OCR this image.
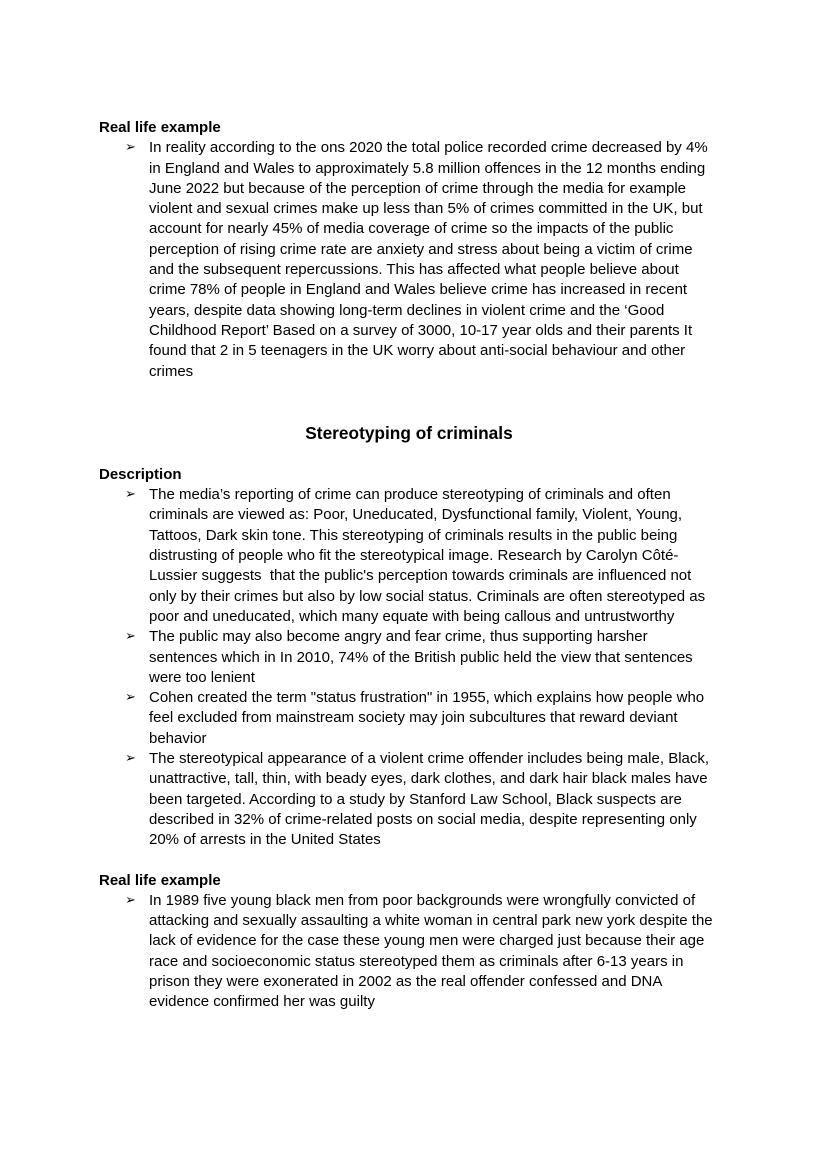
Real life example
➢ In reality according to the ons 2020 the total police recorded crime decreased by 4% in England and Wales to approximately 5.8 million offences in the 12 months ending June 2022 but because of the perception of crime through the media for example violent and sexual crimes make up less than 5% of crimes committed in the UK, but account for nearly 45% of media coverage of crime so the impacts of the public perception of rising crime rate are anxiety and stress about being a victim of crime and the subsequent repercussions. This has affected what people believe about crime 78% of people in England and Wales believe crime has increased in recent years, despite data showing long-term declines in violent crime and the ‘Good Childhood Report’ Based on a survey of 3000, 10-17 year olds and their parents It found that 2 in 5 teenagers in the UK worry about anti-social behaviour and other crimes
Stereotyping of criminals
Description
➢ The media’s reporting of crime can produce stereotyping of criminals and often criminals are viewed as: Poor, Uneducated, Dysfunctional family, Violent, Young, Tattoos, Dark skin tone. This stereotyping of criminals results in the public being distrusting of people who fit the stereotypical image. Research by Carolyn Côté-Lussier suggests  that the public's perception towards criminals are influenced not only by their crimes but also by low social status. Criminals are often stereotyped as poor and uneducated, which many equate with being callous and untrustworthy
➢ The public may also become angry and fear crime, thus supporting harsher sentences which in In 2010, 74% of the British public held the view that sentences were too lenient
➢ Cohen created the term "status frustration" in 1955, which explains how people who feel excluded from mainstream society may join subcultures that reward deviant behavior
➢ The stereotypical appearance of a violent crime offender includes being male, Black, unattractive, tall, thin, with beady eyes, dark clothes, and dark hair black males have been targeted. According to a study by Stanford Law School, Black suspects are described in 32% of crime-related posts on social media, despite representing only 20% of arrests in the United States
Real life example
➢ In 1989 five young black men from poor backgrounds were wrongfully convicted of attacking and sexually assaulting a white woman in central park new york despite the lack of evidence for the case these young men were charged just because their age race and socioeconomic status stereotyped them as criminals after 6-13 years in prison they were exonerated in 2002 as the real offender confessed and DNA evidence confirmed her was guilty
